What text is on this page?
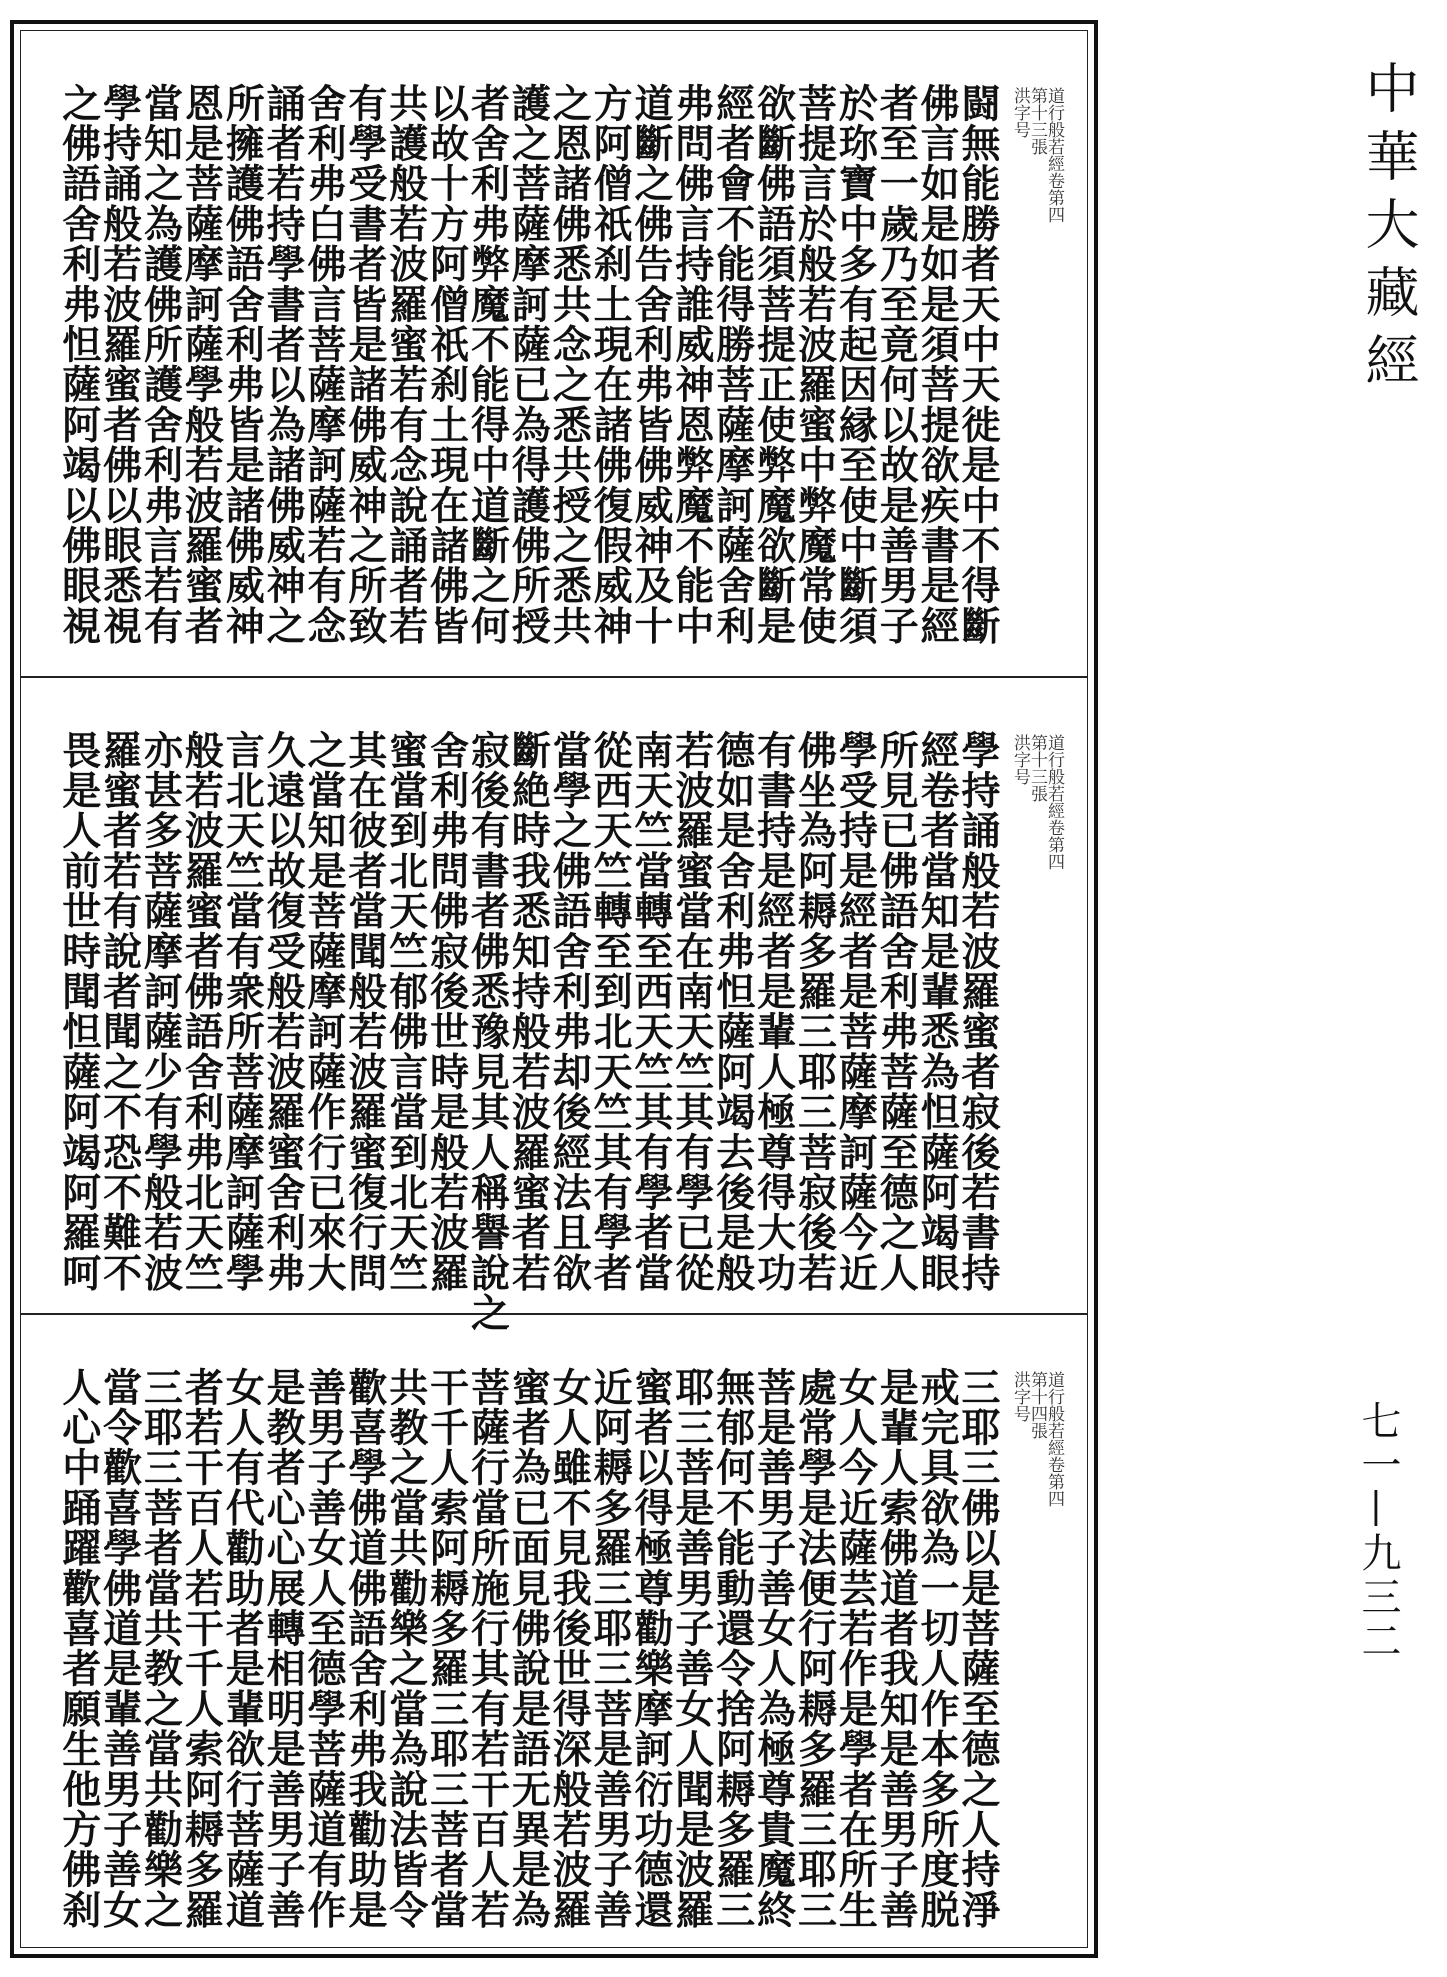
闘無能勝者天中天徙是中不得斷
佛言如是如是須菩提欲疾書是經
者至一歲乃至竟何以故是善男子
於珎寶中多有起因縁至使中斷須
菩提言於般若波羅蜜中弊魔常使
欲斷佛語須菩提正使弊魔欲斷是
經者會不能得勝菩薩摩訶薩舍利
弗問佛言持誰威神恩弊魔不能中
道斷之佛告舍利弗皆佛威神及十
方阿僧祇刹土現在諸佛復假威神
之恩諸佛悉共念之悉共授之悉共
護之菩薩摩訶薩已為得護佛所授
者舍利弗弊魔不能得中道斷之何
以故十方阿僧祇刹土現在諸佛皆
共護般若波羅蜜若有念說誦者若
有學受書者皆是諸佛威神之所致
舍利弗白佛言菩薩摩訶薩若有念
誦者若持學書者以為諸佛威神之
所擁護佛語舍利弗皆是諸佛威神
恩是菩薩摩訶薩學般若波羅蜜者
當知之為護佛所護舍利弗言若有
學持誦般若波羅蜜者佛以眼悉視
之佛語舍利弗怛薩阿竭以佛眼視	道行般若經卷第四
第十三張
洪字号
學持誦般若波羅蜜者寂後若書持
經卷者當知是輩悉為怛薩阿竭眼
所見已佛語舍利弗菩薩至德之人
學受持是經者是菩薩摩訶薩今近
佛坐為阿耨多羅三耶三菩寂後若
有書持是經者是輩人極尊得大功
德如是舍利弗怛薩阿竭去後是般
若波羅蜜當在南天竺其有學已從
南天竺當轉至西天竺其有學者當
從西天竺轉至到北天竺其有學者
當學之佛語舍利弗却後經法且欲
斷絶時我悉知持般若波羅蜜者若
寂後有書者佛悉豫見其人稱譽說之
舍利弗問佛寂後世時是般若波羅
蜜當到北天竺郁佛言當到北天竺
其在彼者當聞般若波羅蜜復行問
之當知是菩薩摩訶薩作行已來大
久遠以故復受般若波羅蜜舍利弗
言北天竺當有衆所菩薩摩訶薩學
般若波羅蜜者佛語舍利弗北天竺
亦甚多菩薩摩訶薩少有學般若波
羅蜜者若有說者聞之不恐不難不
畏是人前世時聞怛薩阿竭阿羅呵	道行般若經卷第四
第十三張
洪字号
三耶三佛以是菩薩至德之人持淨
戒完具欲為一切人作本多所度脱
是輩人索佛道者我知是善男子善
女人今近薩芸若作是學者在所生
處常學是法便行阿耨多羅三耶三
菩是善男子善女人為極尊貴魔終
無郁何不能動還令捨阿耨多羅三
耶三菩是善男子善女人聞是波羅
蜜者以得極尊勸樂摩訶衍功德還
近阿耨多羅三耶三菩是善男子善
女人雖不見我後世得深般若波羅
蜜者為已面見佛說是語无異是為
菩薩行當所施行其有若干百人若
干千人索阿耨多羅三耶三菩者當
共教之當共勸樂之當為說法皆令
歡喜學佛道佛語舍利弗我勸助是
善男子善女人至德學菩薩道有作
是教者心心展轉相明是善男子善
女人有代勸助者是輩欲行菩薩道
者若干百人若干千人索阿耨多羅
三耶三菩者當共教之當共勸樂之
當令歡喜學佛道是輩善男子善女
人心中踊躍歡喜者願生他方佛刹	道行般若經卷第四
第十四張
洪字号
中華大藏經
七一—九三二
